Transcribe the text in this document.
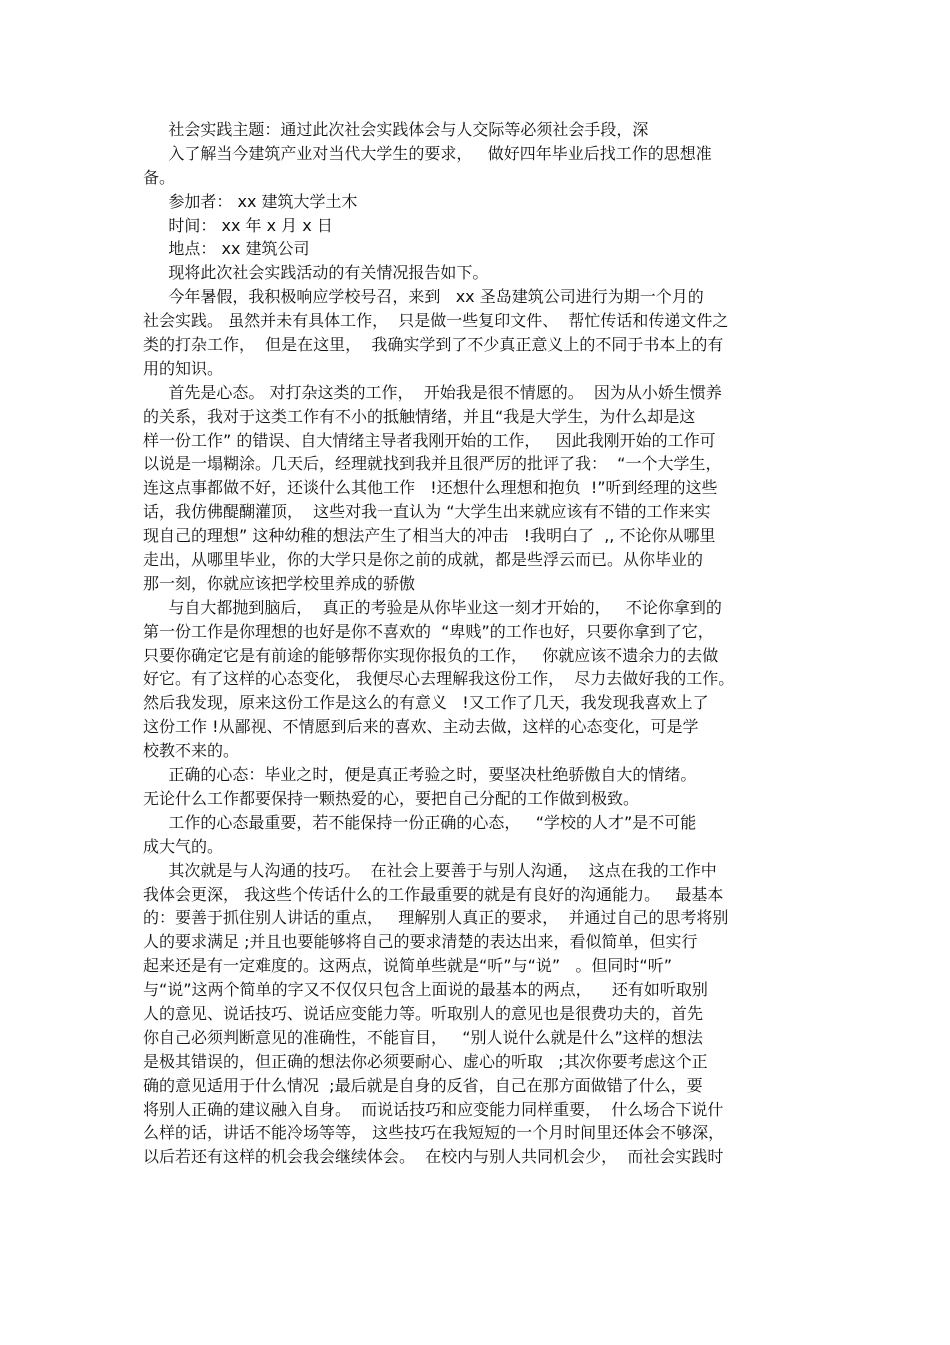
社会实践主题：通过此次社会实践体会与人交际等必须社会手段，深
入了解当今建筑产业对当代大学生的要求，   做好四年毕业后找工作的思想准
备。
参加者： xx 建筑大学土木
时间： xx 年 x 月 x 日
地点： xx 建筑公司
现将此次社会实践活动的有关情况报告如下。
今年暑假，我积极响应学校号召，来到   xx 圣岛建筑公司进行为期一个月的
社会实践。 虽然并未有具体工作，  只是做一些复印文件、  帮忙传话和传递文件之
类的打杂工作，  但是在这里，  我确实学到了不少真正意义上的不同于书本上的有
用的知识。
首先是心态。 对打杂这类的工作，  开始我是很不情愿的。  因为从小娇生惯养
的关系，我对于这类工作有不小的抵触情绪，并且“我是大学生，为什么却是这
样一份工作” 的错误、自大情绪主导者我刚开始的工作，   因此我刚开始的工作可
以说是一塌糊涂。几天后，经理就找到我并且很严厉的批评了我：  “一个大学生，
连这点事都做不好，还谈什么其他工作   !还想什么理想和抱负  !”听到经理的这些
话，我仿佛醍醐灌顶，  这些对我一直认为 “大学生出来就应该有不错的工作来实
现自己的理想” 这种幼稚的想法产生了相当大的冲击   !我明白了  ,, 不论你从哪里
走出，从哪里毕业，你的大学只是你之前的成就，都是些浮云而已。从你毕业的
那一刻，你就应该把学校里养成的骄傲
与自大都抛到脑后，  真正的考验是从你毕业这一刻才开始的，   不论你拿到的
第一份工作是你理想的也好是你不喜欢的  “卑贱”的工作也好，只要你拿到了它，
只要你确定它是有前途的能够帮你实现你报负的工作，   你就应该不遗余力的去做
好它。有了这样的心态变化， 我便尽心去理解我这份工作，  尽力去做好我的工作。
然后我发现，原来这份工作是这么的有意义   !又工作了几天，我发现我喜欢上了
这份工作 !从鄙视、不情愿到后来的喜欢、主动去做，这样的心态变化，可是学
校教不来的。
正确的心态：毕业之时，便是真正考验之时，要坚决杜绝骄傲自大的情绪。
无论什么工作都要保持一颗热爱的心，要把自己分配的工作做到极致。
工作的心态最重要，若不能保持一份正确的心态，   “学校的人才”是不可能
成大气的。
其次就是与人沟通的技巧。  在社会上要善于与别人沟通，  这点在我的工作中
我体会更深， 我这些个传话什么的工作最重要的就是有良好的沟通能力。   最基本
的：要善于抓住别人讲话的重点，   理解别人真正的要求，  并通过自己的思考将别
人的要求满足 ;并且也要能够将自己的要求清楚的表达出来，看似简单，但实行
起来还是有一定难度的。这两点，说简单些就是“听”与“说”   。但同时“听”
与“说”这两个简单的字又不仅仅只包含上面说的最基本的两点，    还有如听取别
人的意见、说话技巧、说话应变能力等。听取别人的意见也是很费功夫的，首先
你自己必须判断意见的准确性，不能盲目，   “别人说什么就是什么”这样的想法
是极其错误的，但正确的想法你必须要耐心、虚心的听取   ;其次你要考虑这个正
确的意见适用于什么情况  ;最后就是自身的反省，自己在那方面做错了什么，要
将别人正确的建议融入自身。  而说话技巧和应变能力同样重要，  什么场合下说什
么样的话，讲话不能冷场等等， 这些技巧在我短短的一个月时间里还体会不够深，
以后若还有这样的机会我会继续体会。  在校内与别人共同机会少，  而社会实践时
